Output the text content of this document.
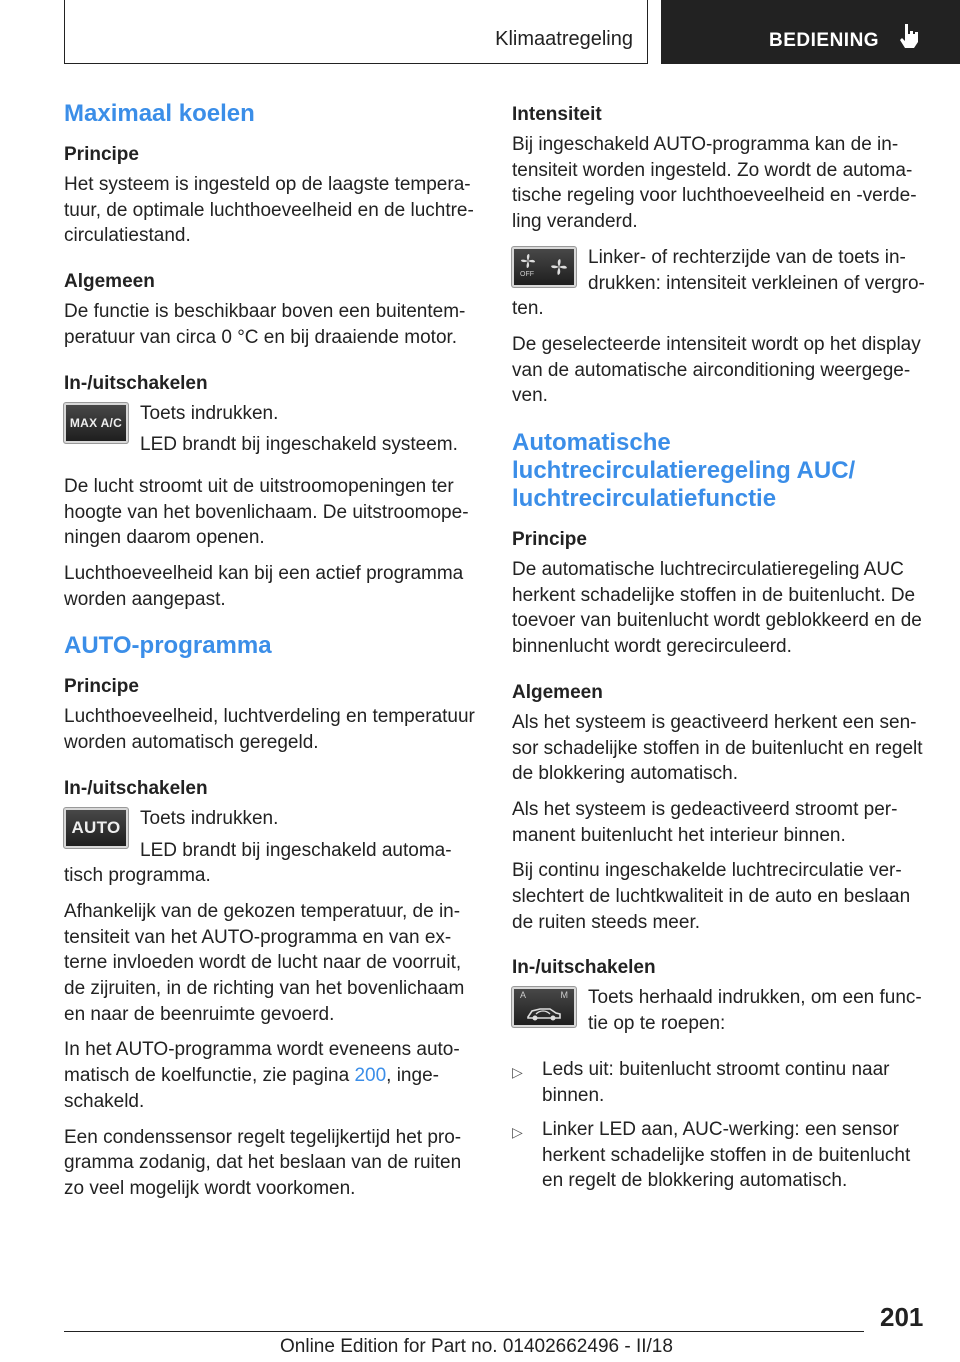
Klimaatregeling	BEDIENING
Maximaal koelen
Principe

Het systeem is ingesteld op de laagste tempera-tuur, de optimale luchthoeveelheid en de luchtre-circulatiestand.

Algemeen

De functie is beschikbaar boven een buitentem-peratuur van circa 0 °C en bij draaiende motor.

In-/uitschakelen
MAX A/C Toets indrukken.

LED brandt bij ingeschakeld systeem.

De lucht stroomt uit de uitstroomopeningen ter hoogte van het bovenlichaam. De uitstroomope-ningen daarom openen.

Luchthoeveelheid kan bij een actief programma worden aangepast.

AUTO-programma
Principe

Luchthoeveelheid, luchtverdeling en temperatuur worden automatisch geregeld.

In-/uitschakelen
AUTO	Toets indrukken.

LED brandt bij ingeschakeld automa-tisch programma.

Afhankelijk van de gekozen temperatuur, de in-tensiteit van het AUTO-programma en van ex-terne invloeden wordt de lucht naar de voorruit, de zijruiten, in de richting van het bovenlichaam en naar de beenruimte gevoerd.

In het AUTO-programma wordt eveneens auto-matisch de koelfunctie, zie pagina 200, inge-schakeld.

Een condenssensor regelt tegelijkertijd het pro-gramma zodanig, dat het beslaan van de ruiten zo veel mogelijk wordt voorkomen.

Intensiteit

Bij ingeschakeld AUTO-programma kan de in-tensiteit worden ingesteld. Zo wordt de automa-tische regeling voor luchthoeveelheid en -verde-ling veranderd.

OFF

Linker- of rechterzijde van de toets in-drukken: intensiteit verkleinen of vergro-ten.

De geselecteerde intensiteit wordt op het display van de automatische airconditioning weergege-ven.

Automatische luchtrecirculatieregeling AUC/ luchtrecirculatiefunctie
Principe

De automatische luchtrecirculatieregeling AUC herkent schadelijke stoffen in de buitenlucht. De toevoer van buitenlucht wordt geblokkeerd en de binnenlucht wordt gerecirculeerd.

Algemeen

Als het systeem is geactiveerd herkent een sen-sor schadelijke stoffen in de buitenlucht en regelt de blokkering automatisch.

Als het systeem is gedeactiveerd stroomt per-manent buitenlucht het interieur binnen.

Bij continu ingeschakelde luchtrecirculatie ver-slechtert de luchtkwaliteit in de auto en beslaan de ruiten steeds meer.

In-/uitschakelen
A	M	Toets herhaald indrukken, om een func-tie op te roepen:

▷ Leds uit: buitenlucht stroomt continu naar binnen.
▷ Linker LED aan, AUC-werking: een sensor herkent schadelijke stoffen in de buitenlucht en regelt de blokkering automatisch.
201
Online Edition for Part no. 01402662496 - II/18
